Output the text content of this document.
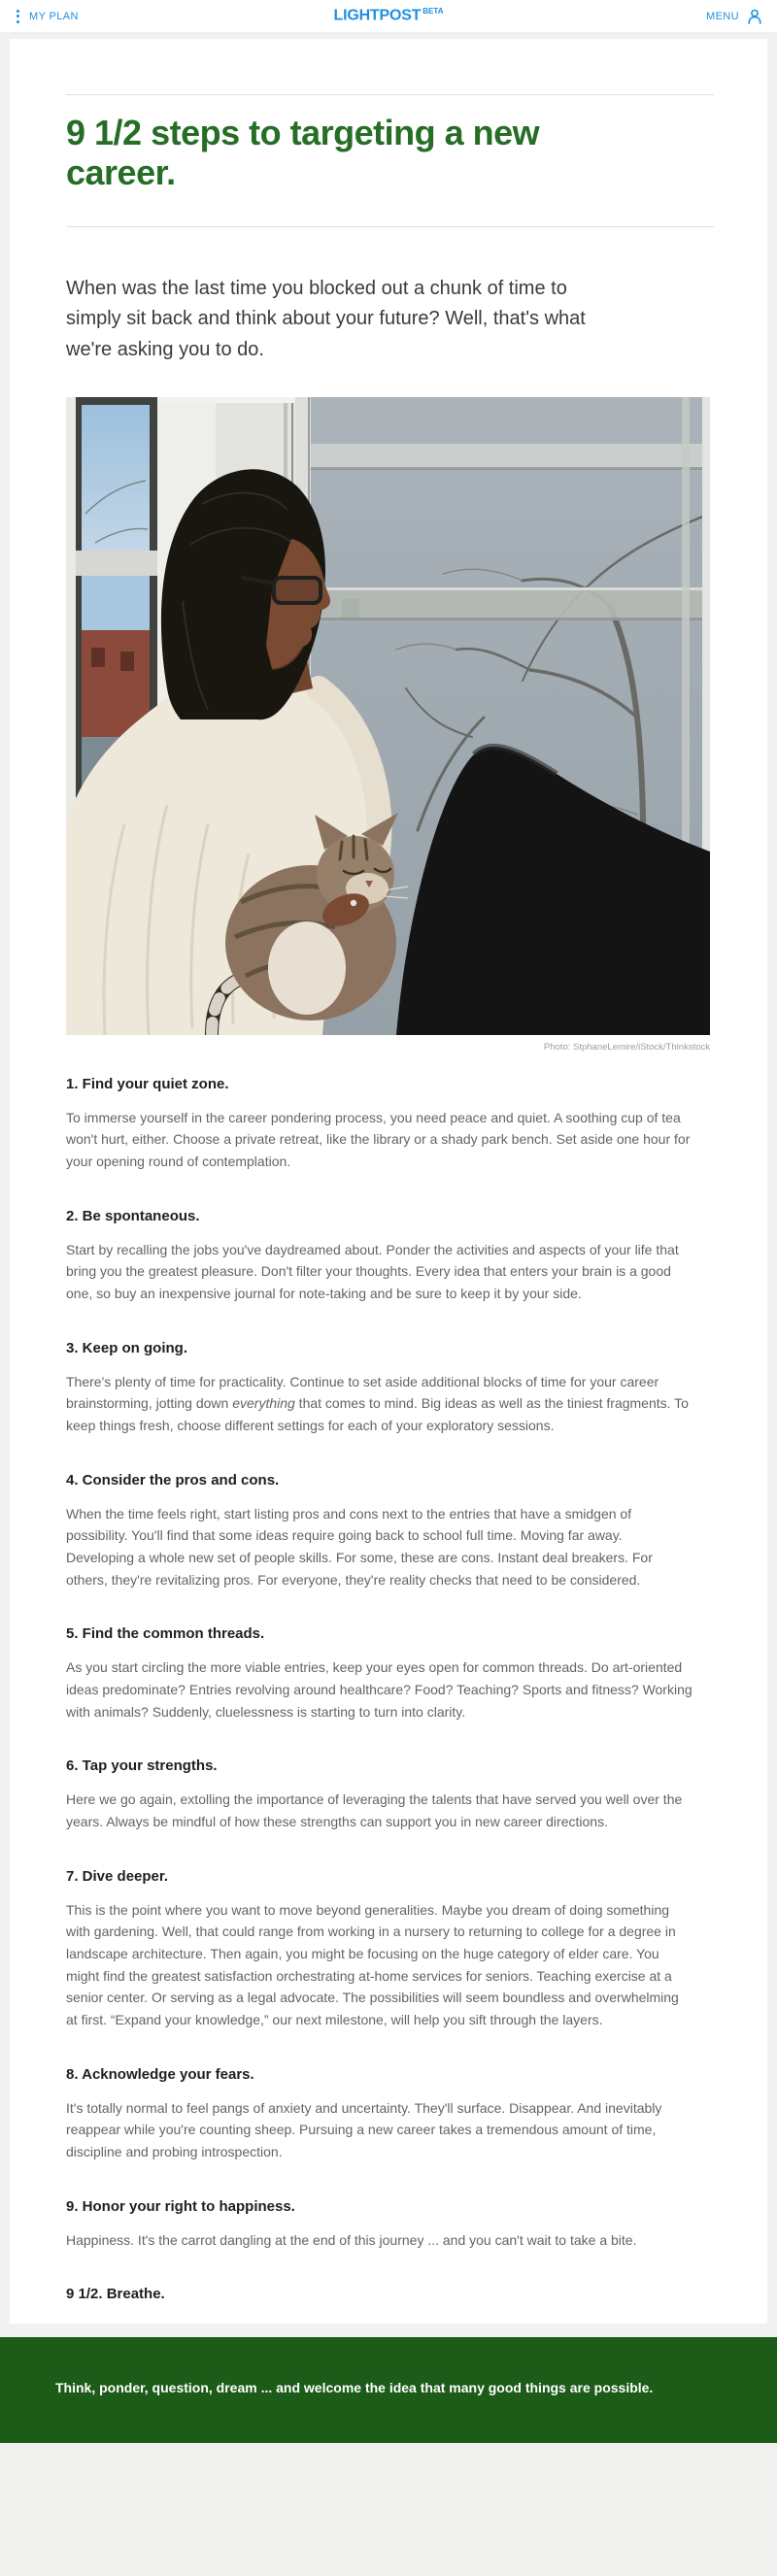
MY PLAN	LIGHTPOST $^{BETA}$	MENU
9 1/2 steps to targeting a new career.

When was the last time you blocked out a chunk of time to simply sit back and think about your future? Well, that's what we're asking you to do.

Photo: StphaneLemire/iStock/Thinkstock
1. Find your quiet zone.

To immerse yourself in the career pondering process, you need peace and quiet. A soothing cup of tea won't hurt, either. Choose a private retreat, like the library or a shady park bench. Set aside one hour for your opening round of contemplation.

2. Be spontaneous.

Start by recalling the jobs you've daydreamed about. Ponder the activities and aspects of your life that bring you the greatest pleasure. Don't filter your thoughts. Every idea that enters your brain is a good one, so buy an inexpensive journal for note-taking and be sure to keep it by your side.

3. Keep on going.

There's plenty of time for practicality. Continue to set aside additional blocks of time for your career brainstorming, jotting down everything that comes to mind. Big ideas as well as the tiniest fragments. To keep things fresh, choose different settings for each of your exploratory sessions.

4. Consider the pros and cons.

When the time feels right, start listing pros and cons next to the entries that have a smidgen of possibility. You'll find that some ideas require going back to school full time. Moving far away. Developing a whole new set of people skills. For some, these are cons. Instant deal breakers. For others, they're revitalizing pros. For everyone, they're reality checks that need to be considered.

5. Find the common threads.

As you start circling the more viable entries, keep your eyes open for common threads. Do art-oriented ideas predominate? Entries revolving around healthcare? Food? Teaching? Sports and fitness? Working with animals? Suddenly, cluelessness is starting to turn into clarity.

6. Tap your strengths.

Here we go again, extolling the importance of leveraging the talents that have served you well over the years. Always be mindful of how these strengths can support you in new career directions.

7. Dive deeper.

This is the point where you want to move beyond generalities. Maybe you dream of doing something with gardening. Well, that could range from working in a nursery to returning to college for a degree in landscape architecture. Then again, you might be focusing on the huge category of elder care. You might find the greatest satisfaction orchestrating at-home services for seniors. Teaching exercise at a senior center. Or serving as a legal advocate. The possibilities will seem boundless and overwhelming at first. “Expand your knowledge,” our next milestone, will help you sift through the layers.

8. Acknowledge your fears.

It's totally normal to feel pangs of anxiety and uncertainty. They'll surface. Disappear. And inevitably reappear while you're counting sheep. Pursuing a new career takes a tremendous amount of time, discipline and probing introspection.

9. Honor your right to happiness.

Happiness. It's the carrot dangling at the end of this journey ... and you can't wait to take a bite.

9 1/2. Breathe.

Think, ponder, question, dream ... and welcome the idea that many good things are possible.
